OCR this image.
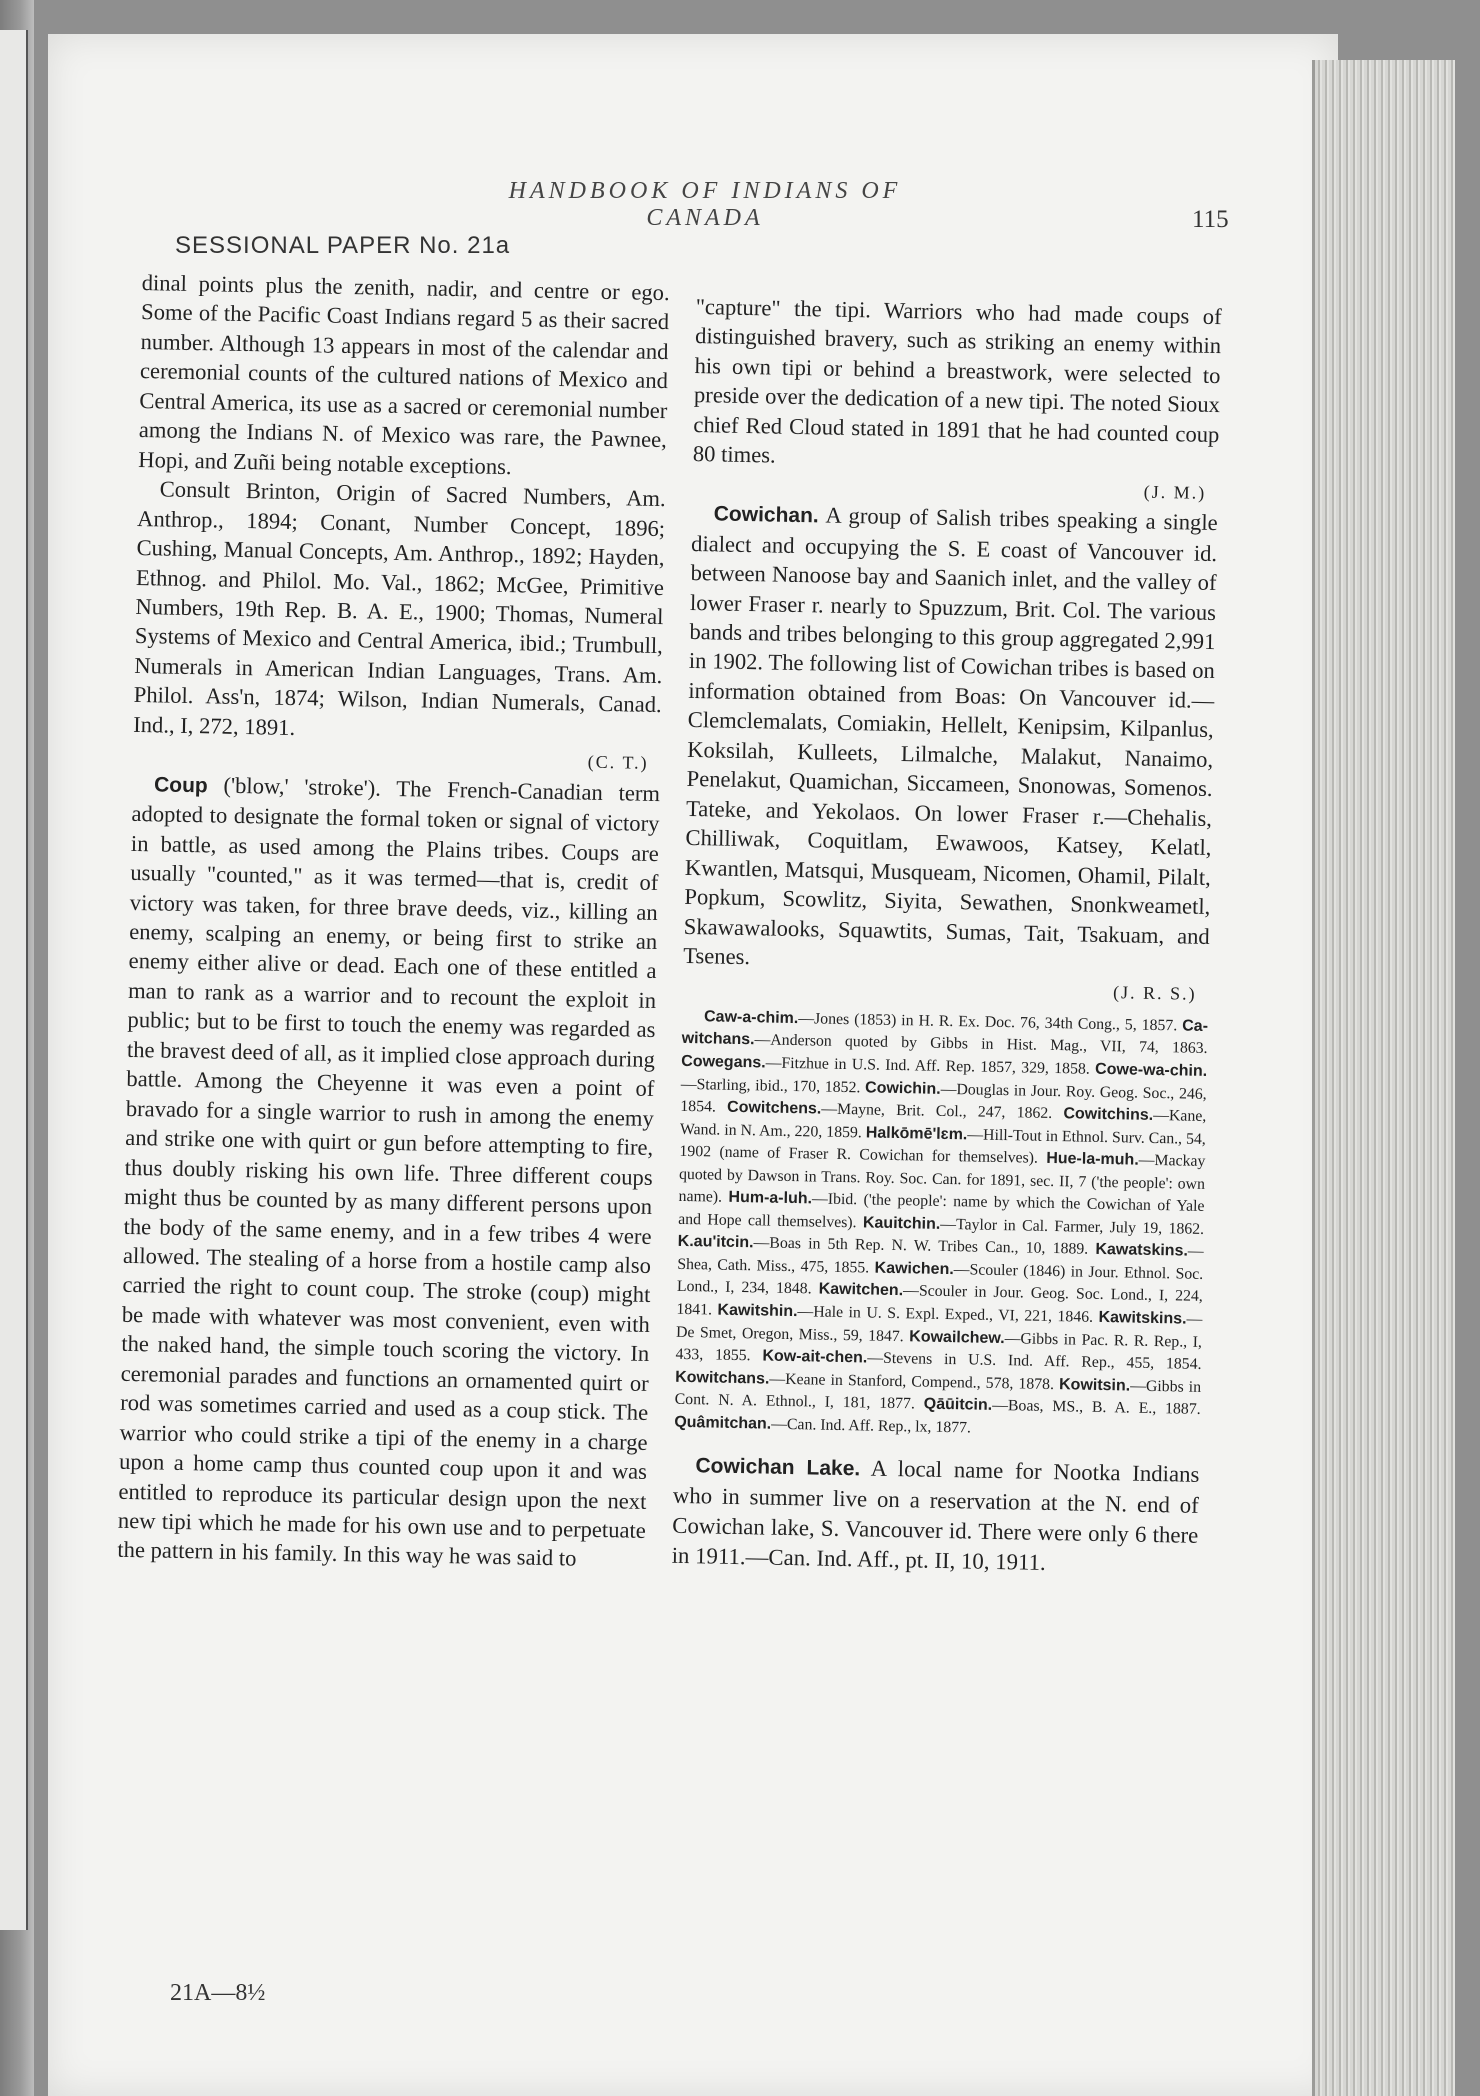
HANDBOOK OF INDIANS OF CANADA	115
SESSIONAL PAPER No. 21a

dinal points plus the zenith, nadir, and centre or ego. Some of the Pacific Coast Indians regard 5 as their sacred number. Although 13 appears in most of the calendar and ceremonial counts of the cultured nations of Mexico and Central America, its use as a sacred or ceremonial number among the Indians N. of Mexico was rare, the Pawnee, Hopi, and Zuñi being notable exceptions.

Consult Brinton, Origin of Sacred Numbers, Am. Anthrop., 1894; Conant, Number Concept, 1896; Cushing, Manual Concepts, Am. Anthrop., 1892; Hayden, Ethnog. and Philol. Mo. Val., 1862; McGee, Primitive Numbers, 19th Rep. B. A. E., 1900; Thomas, Numeral Systems of Mexico and Central America, ibid.; Trumbull, Numerals in American Indian Languages, Trans. Am. Philol. Ass'n, 1874; Wilson, Indian Numerals, Canad. Ind., I, 272, 1891.

(C. T.)

Coup ('blow,' 'stroke'). The French-Canadian term adopted to designate the formal token or signal of victory in battle, as used among the Plains tribes. Coups are usually "counted," as it was termed—that is, credit of victory was taken, for three brave deeds, viz., killing an enemy, scalping an enemy, or being first to strike an enemy either alive or dead. Each one of these entitled a man to rank as a warrior and to recount the exploit in public; but to be first to touch the enemy was regarded as the bravest deed of all, as it implied close approach during battle. Among the Cheyenne it was even a point of bravado for a single warrior to rush in among the enemy and strike one with quirt or gun before attempting to fire, thus doubly risking his own life. Three different coups might thus be counted by as many different persons upon the body of the same enemy, and in a few tribes 4 were allowed. The stealing of a horse from a hostile camp also carried the right to count coup. The stroke (coup) might be made with whatever was most convenient, even with the naked hand, the simple touch scoring the victory. In ceremonial parades and functions an ornamented quirt or rod was sometimes carried and used as a coup stick. The warrior who could strike a tipi of the enemy in a charge upon a home camp thus counted coup upon it and was entitled to reproduce its particular design upon the next new tipi which he made for his own use and to perpetuate the pattern in his family. In this way he was said to

"capture" the tipi. Warriors who had made coups of distinguished bravery, such as striking an enemy within his own tipi or behind a breastwork, were selected to preside over the dedication of a new tipi. The noted Sioux chief Red Cloud stated in 1891 that he had counted coup 80 times.

(J. M.)

Cowichan. A group of Salish tribes speaking a single dialect and occupying the S. E coast of Vancouver id. between Nanoose bay and Saanich inlet, and the valley of lower Fraser r. nearly to Spuzzum, Brit. Col. The various bands and tribes belonging to this group aggregated 2,991 in 1902. The following list of Cowichan tribes is based on information obtained from Boas: On Vancouver id.—Clemclemalats, Comiakin, Hellelt, Kenipsim, Kilpanlus, Koksilah, Kulleets, Lilmalche, Malakut, Nanaimo, Penelakut, Quamichan, Siccameen, Snonowas, Somenos. Tateke, and Yekolaos. On lower Fraser r.—Chehalis, Chilliwak, Coquitlam, Ewawoos, Katsey, Kelatl, Kwantlen, Matsqui, Musqueam, Nicomen, Ohamil, Pilalt, Popkum, Scowlitz, Siyita, Sewathen, Snonkweametl, Skawawalooks, Squawtits, Sumas, Tait, Tsakuam, and Tsenes.

(J. R. S.)

Caw-a-chim.—Jones (1853) in H. R. Ex. Doc. 76, 34th Cong., 5, 1857. Ca-witchans.—Anderson quoted by Gibbs in Hist. Mag., VII, 74, 1863. Cowegans.—Fitzhue in U.S. Ind. Aff. Rep. 1857, 329, 1858. Cowe-wa-chin.—Starling, ibid., 170, 1852. Cowichin.—Douglas in Jour. Roy. Geog. Soc., 246, 1854. Cowitchens.—Mayne, Brit. Col., 247, 1862. Cowitchins.—Kane, Wand. in N. Am., 220, 1859. Halkōmē'lɛm.—Hill-Tout in Ethnol. Surv. Can., 54, 1902 (name of Fraser R. Cowichan for themselves). Hue-la-muh.—Mackay quoted by Dawson in Trans. Roy. Soc. Can. for 1891, sec. II, 7 ('the people': own name). Hum-a-luh.—Ibid. ('the people': name by which the Cowichan of Yale and Hope call themselves). Kauitchin.—Taylor in Cal. Farmer, July 19, 1862. K.au'itcin.—Boas in 5th Rep. N. W. Tribes Can., 10, 1889. Kawatskins.—Shea, Cath. Miss., 475, 1855. Kawichen.—Scouler (1846) in Jour. Ethnol. Soc. Lond., I, 234, 1848. Kawitchen.—Scouler in Jour. Geog. Soc. Lond., I, 224, 1841. Kawitshin.—Hale in U. S. Expl. Exped., VI, 221, 1846. Kawitskins.—De Smet, Oregon, Miss., 59, 1847. Kowailchew.—Gibbs in Pac. R. R. Rep., I, 433, 1855. Kow-ait-chen.—Stevens in U.S. Ind. Aff. Rep., 455, 1854. Kowitchans.—Keane in Stanford, Compend., 578, 1878. Kowitsin.—Gibbs in Cont. N. A. Ethnol., I, 181, 1877. Qāūitcin.—Boas, MS., B. A. E., 1887. Quâmitchan.—Can. Ind. Aff. Rep., lx, 1877.

Cowichan Lake. A local name for Nootka Indians who in summer live on a reservation at the N. end of Cowichan lake, S. Vancouver id. There were only 6 there in 1911.—Can. Ind. Aff., pt. II, 10, 1911.

21A—8½
